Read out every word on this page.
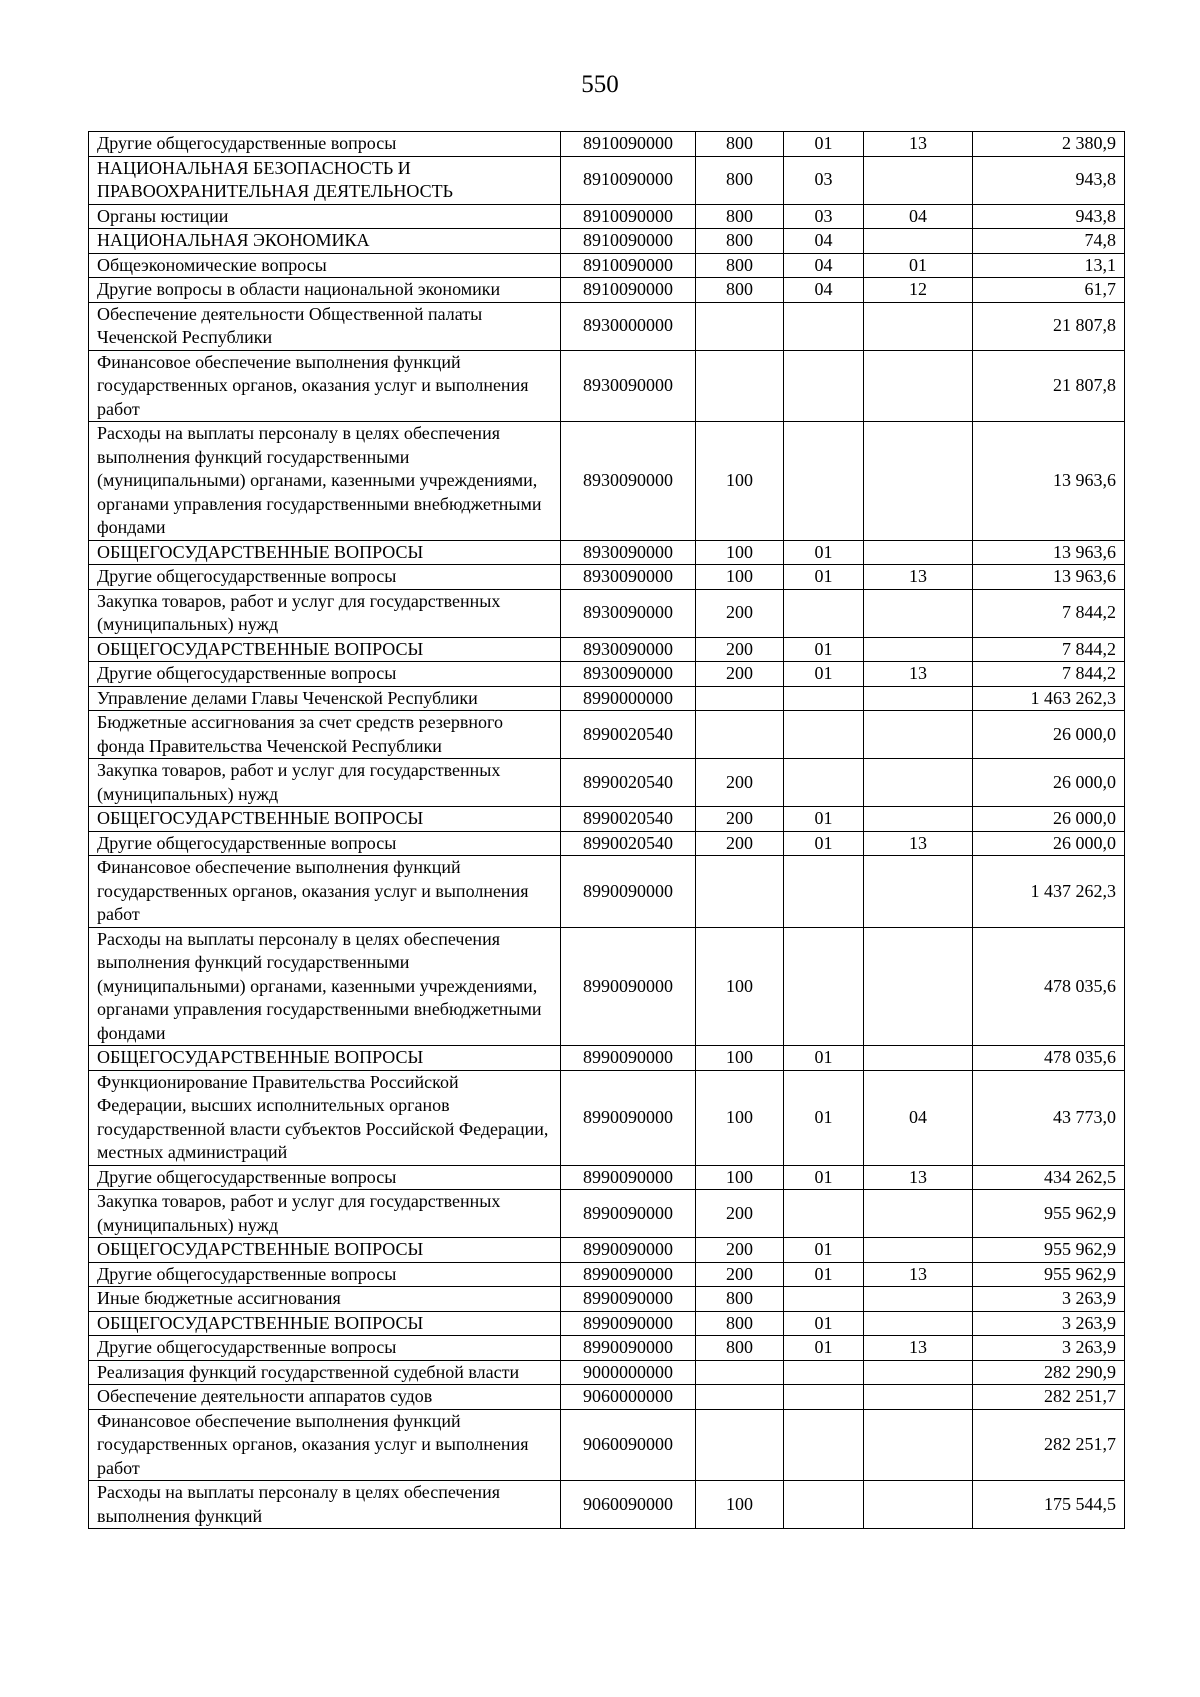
550
Другие общегосударственные вопросы	8910090000	800	01	13	2 380,9
НАЦИОНАЛЬНАЯ БЕЗОПАСНОСТЬ И ПРАВООХРАНИТЕЛЬНАЯ ДЕЯТЕЛЬНОСТЬ	8910090000	800	03		943,8
Органы юстиции	8910090000	800	03	04	943,8
НАЦИОНАЛЬНАЯ ЭКОНОМИКА	8910090000	800	04		74,8
Общеэкономические вопросы	8910090000	800	04	01	13,1
Другие вопросы в области национальной экономики	8910090000	800	04	12	61,7
Обеспечение деятельности Общественной палаты Чеченской Республики	8930000000				21 807,8
Финансовое обеспечение выполнения функций государственных органов, оказания услуг и выполнения работ	8930090000				21 807,8
Расходы на выплаты персоналу в целях обеспечения выполнения функций государственными (муниципальными) органами, казенными учреждениями, органами управления государственными внебюджетными фондами	8930090000	100			13 963,6
ОБЩЕГОСУДАРСТВЕННЫЕ ВОПРОСЫ	8930090000	100	01		13 963,6
Другие общегосударственные вопросы	8930090000	100	01	13	13 963,6
Закупка товаров, работ и услуг для государственных (муниципальных) нужд	8930090000	200			7 844,2
ОБЩЕГОСУДАРСТВЕННЫЕ ВОПРОСЫ	8930090000	200	01		7 844,2
Другие общегосударственные вопросы	8930090000	200	01	13	7 844,2
Управление делами Главы Чеченской Республики	8990000000				1 463 262,3
Бюджетные ассигнования за счет средств резервного фонда Правительства Чеченской Республики	8990020540				26 000,0
Закупка товаров, работ и услуг для государственных (муниципальных) нужд	8990020540	200			26 000,0
ОБЩЕГОСУДАРСТВЕННЫЕ ВОПРОСЫ	8990020540	200	01		26 000,0
Другие общегосударственные вопросы	8990020540	200	01	13	26 000,0
Финансовое обеспечение выполнения функций государственных органов, оказания услуг и выполнения работ	8990090000				1 437 262,3
Расходы на выплаты персоналу в целях обеспечения выполнения функций государственными (муниципальными) органами, казенными учреждениями, органами управления государственными внебюджетными фондами	8990090000	100			478 035,6
ОБЩЕГОСУДАРСТВЕННЫЕ ВОПРОСЫ	8990090000	100	01		478 035,6
Функционирование Правительства Российской Федерации, высших исполнительных органов государственной власти субъектов Российской Федерации, местных администраций	8990090000	100	01	04	43 773,0
Другие общегосударственные вопросы	8990090000	100	01	13	434 262,5
Закупка товаров, работ и услуг для государственных (муниципальных) нужд	8990090000	200			955 962,9
ОБЩЕГОСУДАРСТВЕННЫЕ ВОПРОСЫ	8990090000	200	01		955 962,9
Другие общегосударственные вопросы	8990090000	200	01	13	955 962,9
Иные бюджетные ассигнования	8990090000	800			3 263,9
ОБЩЕГОСУДАРСТВЕННЫЕ ВОПРОСЫ	8990090000	800	01		3 263,9
Другие общегосударственные вопросы	8990090000	800	01	13	3 263,9
Реализация функций государственной судебной власти	9000000000				282 290,9
Обеспечение деятельности аппаратов судов	9060000000				282 251,7
Финансовое обеспечение выполнения функций государственных органов, оказания услуг и выполнения работ	9060090000				282 251,7
Расходы на выплаты персоналу в целях обеспечения выполнения функций	9060090000	100			175 544,5
